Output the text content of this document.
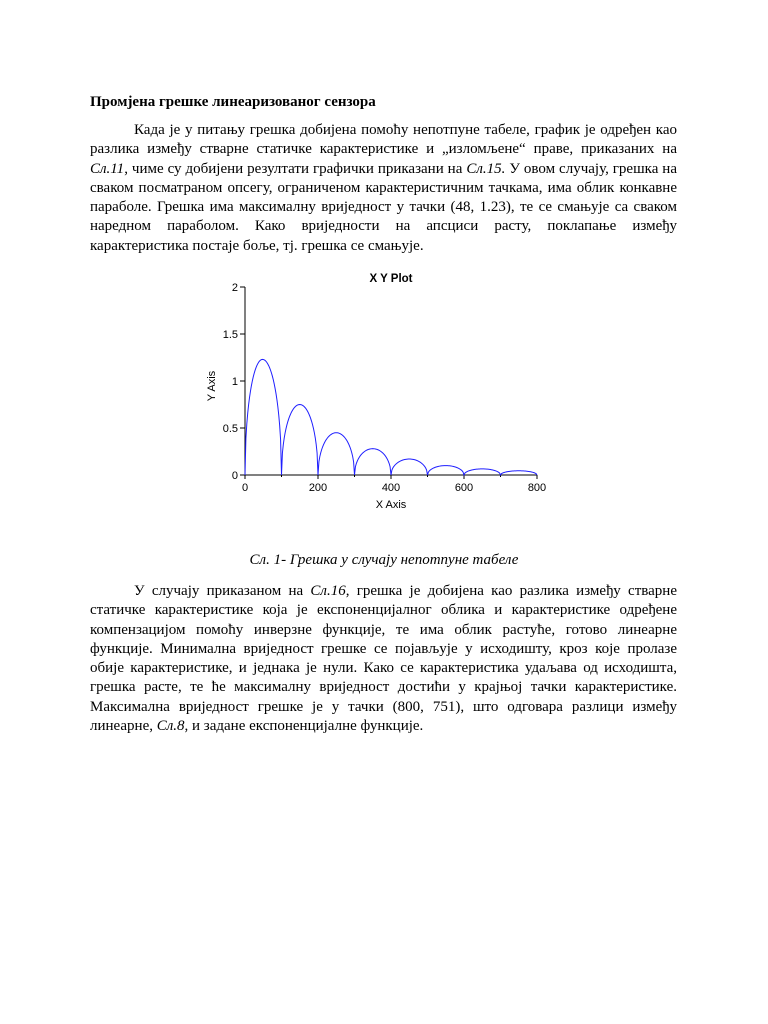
Промјена грешке линеаризованог сензора

Када је у питању грешка добијена помоћу непотпуне табеле, график је одређен као разлика између стварне статичке карактеристике и „изломљене“ праве, приказаних на Сл.11, чиме су добијени резултати графички приказани на Сл.15. У овом случају, грешка на сваком посматраном опсегу, ограниченом карактеристичним тачкама, има облик конкавне параболе. Грешка има максималну вриједност у тачки (48, 1.23), те се смањује са сваком наредном параболом. Како вриједности на апсциси расту, поклапање између карактеристика постаје боље, тј. грешка се смањује.

X Y Plot
0
0.5
1
1.5
2
0	200	400	600	800
X Axis
Y Axis
Сл. 1- Грешка у случају непотпуне табеле

У случају приказаном на Сл.16, грешка је добијена као разлика између стварне статичке карактеристике која је експоненцијалног облика и карактеристике одређене компензацијом помоћу инверзне функције, те има облик растуће, готово линеарне функције. Минимална вриједност грешке се појављује у исходишту, кроз које пролазе обије карактеристике, и једнака је нули. Како се карактеристика удаљава од исходишта, грешка расте, те ће максималну вриједност достићи у крајњој тачки карактеристике. Максимална вриједност грешке је у тачки (800, 751), што одговара разлици између линеарне, Сл.8, и задане експоненцијалне функције.
